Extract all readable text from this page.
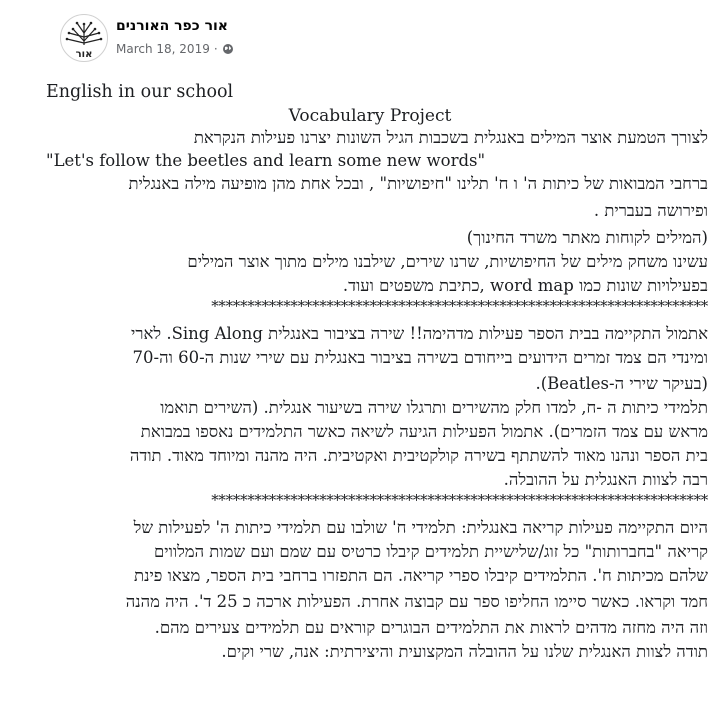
אור
אור כפר האורנים
March 18, 2019 ·
English in our school
Vocabulary Project
לצורך הטמעת אוצר המילים באנגלית בשכבות הגיל השונות יצרנו פעילות הנקראת
"Let's follow the beetles and learn some new words"
ברחבי המבואות של כיתות ה' ו ח' תלינו "חיפושיות" , ובכל אחת מהן מופיעה מילה באנגלית
ופירושה בעברית .
(המילים לקוחות מאתר משרד החינוך)
עשינו משחק מילים של החיפושיות, שרנו שירים, שילבנו מילים מתוך אוצר המילים
בפעילויות שונות כמו word map ,כתיבת משפטים ועוד.
*********************************************************************
אתמול התקיימה בבית הספר פעילות מדהימה!! שירה בציבור באנגלית Sing Along. לארי
ומינדי הם צמד זמרים הידועים בייחודם בשירה בציבור באנגלית עם שירי שנות ה-60 וה-70
(בעיקר שירי ה-Beatles).
תלמידי כיתות ה -ח, למדו חלק מהשירים ותרגלו שירה בשיעור אנגלית. (השירים תואמו
מראש עם צמד הזמרים). אתמול הפעילות הגיעה לשיאה כאשר התלמידים נאספו במבואת
בית הספר ונהנו מאוד להשתתף בשירה קולקטיבית ואקטיבית. היה מהנה ומיוחד מאוד. תודה
רבה לצוות האנגלית על ההובלה.
*********************************************************************
היום התקיימה פעילות קריאה באנגלית: תלמידי ח' שולבו עם תלמידי כיתות ה' לפעילות של
קריאה "בחברותות" כל זוג/שלישיית תלמידים קיבלו כרטיס עם שמם ועם שמות המלווים
שלהם מכיתות ח'. התלמידים קיבלו ספרי קריאה. הם התפזרו ברחבי בית הספר, מצאו פינת
חמד וקראו. כאשר סיימו החליפו ספר עם קבוצה אחרת. הפעילות ארכה כ 25 ד'. היה מהנה
וזה היה מחזה מדהים לראות את התלמידים הבוגרים קוראים עם תלמידים צעירים מהם.
תודה לצוות האנגלית שלנו על ההובלה המקצועית והיצירתית: אנה, שרי וקים.
